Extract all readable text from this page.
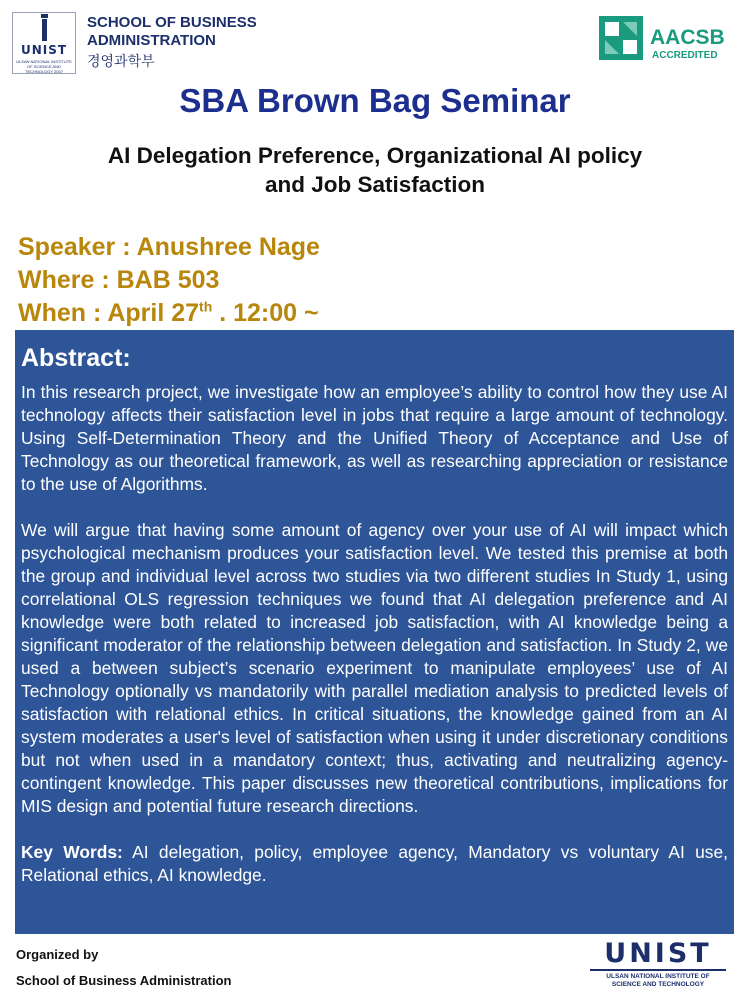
UNIST
ULSAN NATIONAL INSTITUTE OF SCIENCE AND TECHNOLOGY 2007
SCHOOL OF BUSINESS
ADMINISTRATION
경영과학부
AACSB
ACCREDITED
SBA Brown Bag Seminar
AI Delegation Preference, Organizational AI policy
and Job Satisfaction
Speaker : Anushree Nage
Where : BAB 503
When : April 27th . 12:00 ~
Abstract:

In this research project, we investigate how an employee’s ability to control how they use AI technology affects their satisfaction level in jobs that require a large amount of technology. Using Self-Determination Theory and the Unified Theory of Acceptance and Use of Technology as our theoretical framework, as well as researching appreciation or resistance to the use of Algorithms.

We will argue that having some amount of agency over your use of AI will impact which psychological mechanism produces your satisfaction level. We tested this premise at both the group and individual level across two studies via two different studies In Study 1, using correlational OLS regression techniques we found that AI delegation preference and AI knowledge were both related to increased job satisfaction, with AI knowledge being a significant moderator of the relationship between delegation and satisfaction. In Study 2, we used a between subject’s scenario experiment to manipulate employees’ use of AI Technology optionally vs mandatorily with parallel mediation analysis to predicted levels of satisfaction with relational ethics. In critical situations, the knowledge gained from an AI system moderates a user's level of satisfaction when using it under discretionary conditions but not when used in a mandatory context; thus, activating and neutralizing agency-contingent knowledge. This paper discusses new theoretical contributions, implications for MIS design and potential future research directions.

Key Words: AI delegation, policy, employee agency, Mandatory vs voluntary AI use, Relational ethics, AI knowledge.

Organized by
School of Business Administration
UNIST
ULSAN NATIONAL INSTITUTE OF
SCIENCE AND TECHNOLOGY
